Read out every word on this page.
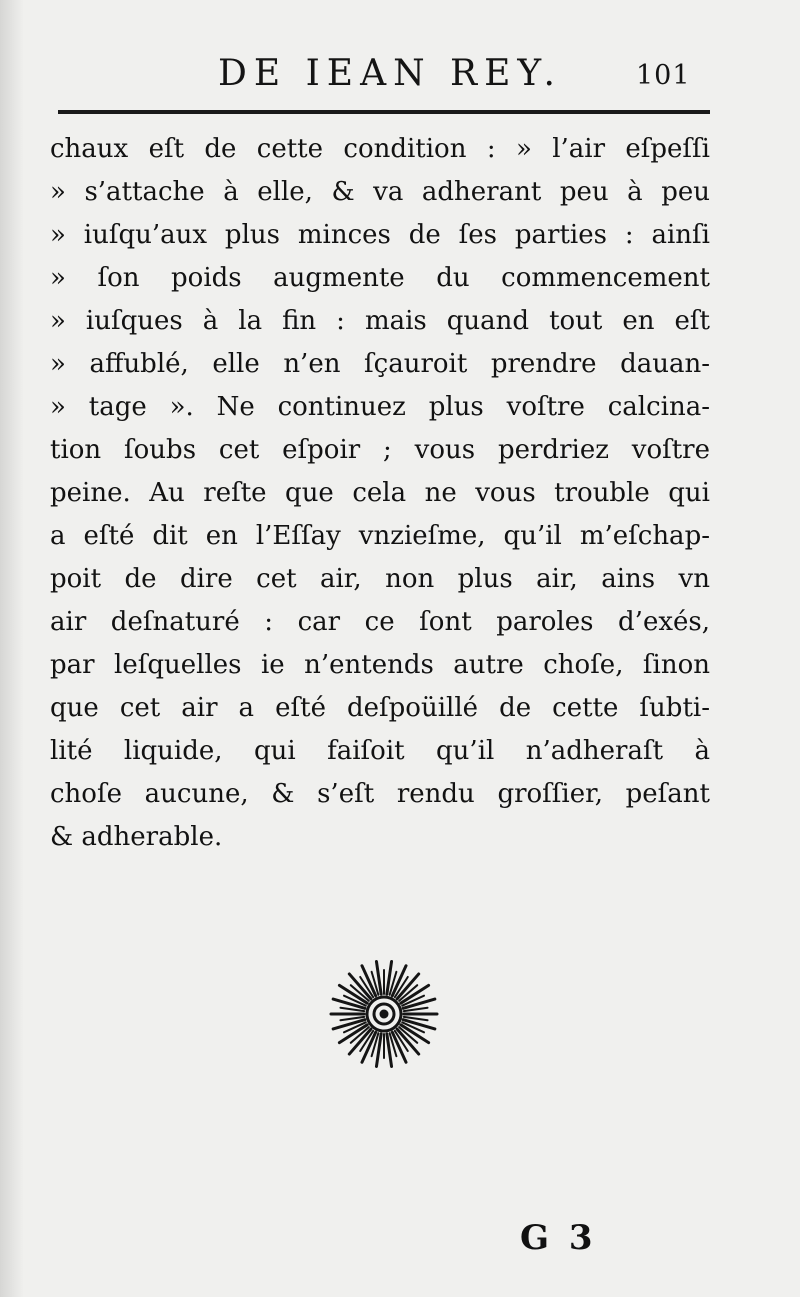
DE IEAN REY.	101
chaux eſt de cette condition : » l’air eſpeſſi
» s’attache à elle, & va adherant peu à peu
» iuſqu’aux plus minces de ſes parties : ainſi
» ſon poids augmente du commencement
» iuſques à la fin : mais quand tout en eſt
» affublé, elle n’en ſçauroit prendre dauan-
» tage ». Ne continuez plus voſtre calcina-
tion ſoubs cet eſpoir ; vous perdriez voſtre
peine. Au reſte que cela ne vous trouble qui
a eſté dit en l’Eſſay vnzieſme, qu’il m’eſchap-
poit de dire cet air, non plus air, ains vn
air deſnaturé : car ce ſont paroles d’exés,
par leſquelles ie n’entends autre choſe, ſinon
que cet air a eſté deſpoüillé de cette ſubti-
lité liquide, qui faiſoit qu’il n’adheraſt à
choſe aucune, & s’eſt rendu groſſier, peſant
& adherable.
G 3
